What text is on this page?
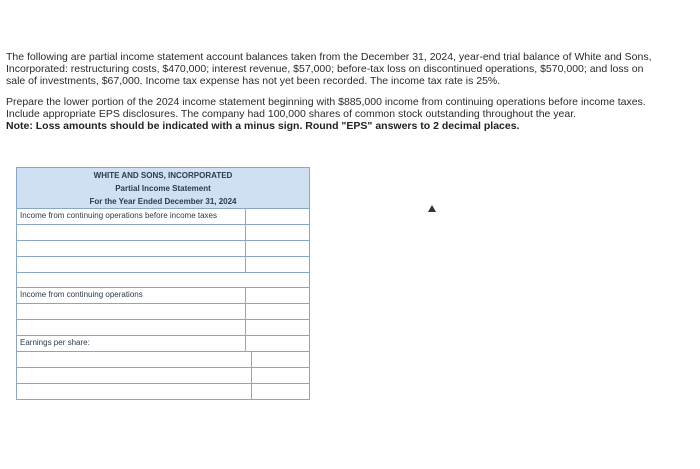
The following are partial income statement account balances taken from the December 31, 2024, year-end trial balance of White and Sons, Incorporated: restructuring costs, $470,000; interest revenue, $57,000; before-tax loss on discontinued operations, $570,000; and loss on sale of investments, $67,000. Income tax expense has not yet been recorded. The income tax rate is 25%.

Prepare the lower portion of the 2024 income statement beginning with $885,000 income from continuing operations before income taxes. Include appropriate EPS disclosures. The company had 100,000 shares of common stock outstanding throughout the year.
Note: Loss amounts should be indicated with a minus sign. Round "EPS" answers to 2 decimal places.

WHITE AND SONS, INCORPORATED
Partial Income Statement
For the Year Ended December 31, 2024
Income from continuing operations before income taxes
Income from continuing operations
Earnings per share:
